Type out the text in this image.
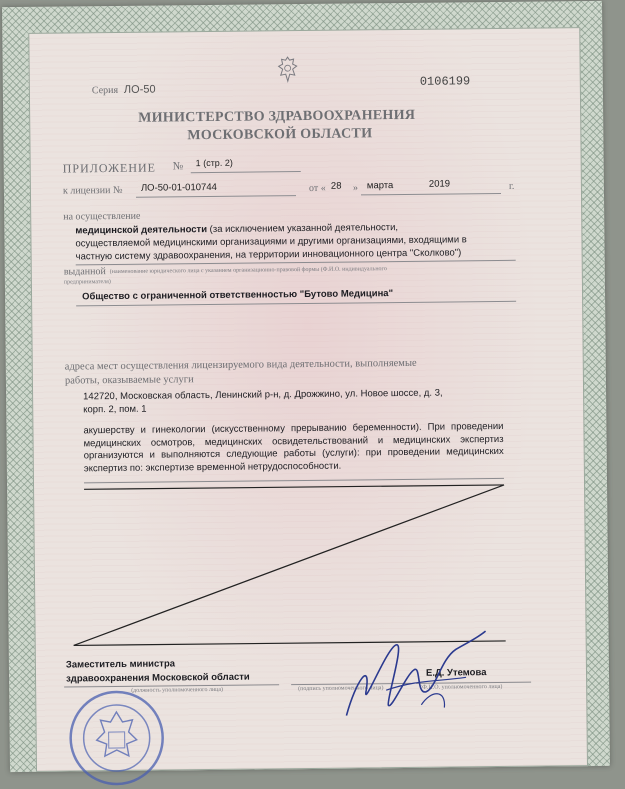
Серия ЛО-50
0106199
МИНИСТЕРСТВО ЗДРАВООХРАНЕНИЯ
МОСКОВСКОЙ ОБЛАСТИ
ПРИЛОЖЕНИЕ № 1 (стр. 2)
к лицензии № ЛО-50-01-010744	от « 28 » марта	2019	г.
на осуществление
медицинской деятельности (за исключением указанной деятельности,
осуществляемой медицинскими организациями и другими организациями, входящими в
частную систему здравоохранения, на территории инновационного центра "Сколково")
выданной (наименование юридического лица с указанием организационно-правовой формы (Ф.И.О. индивидуального
предпринимателя)
Общество с ограниченной ответственностью "Бутово Медицина"
адреса мест осуществления лицензируемого вида деятельности, выполняемые
работы, оказываемые услуги
142720, Московская область, Ленинский р-н, д. Дрожжино, ул. Новое шоссе, д. 3,
корп. 2, пом. 1
акушерству и гинекологии (искусственному прерыванию беременности). При проведении медицинских осмотров, медицинских освидетельствований и медицинских экспертиз организуются и выполняются следующие работы (услуги): при проведении медицинских экспертиз по: экспертизе временной нетрудоспособности.
Заместитель министра
здравоохранения Московской области
(должность уполномоченного лица)	(подпись уполномоченного лица)
Е.Д. Утемова
(Ф.И.О. уполномоченного лица)
